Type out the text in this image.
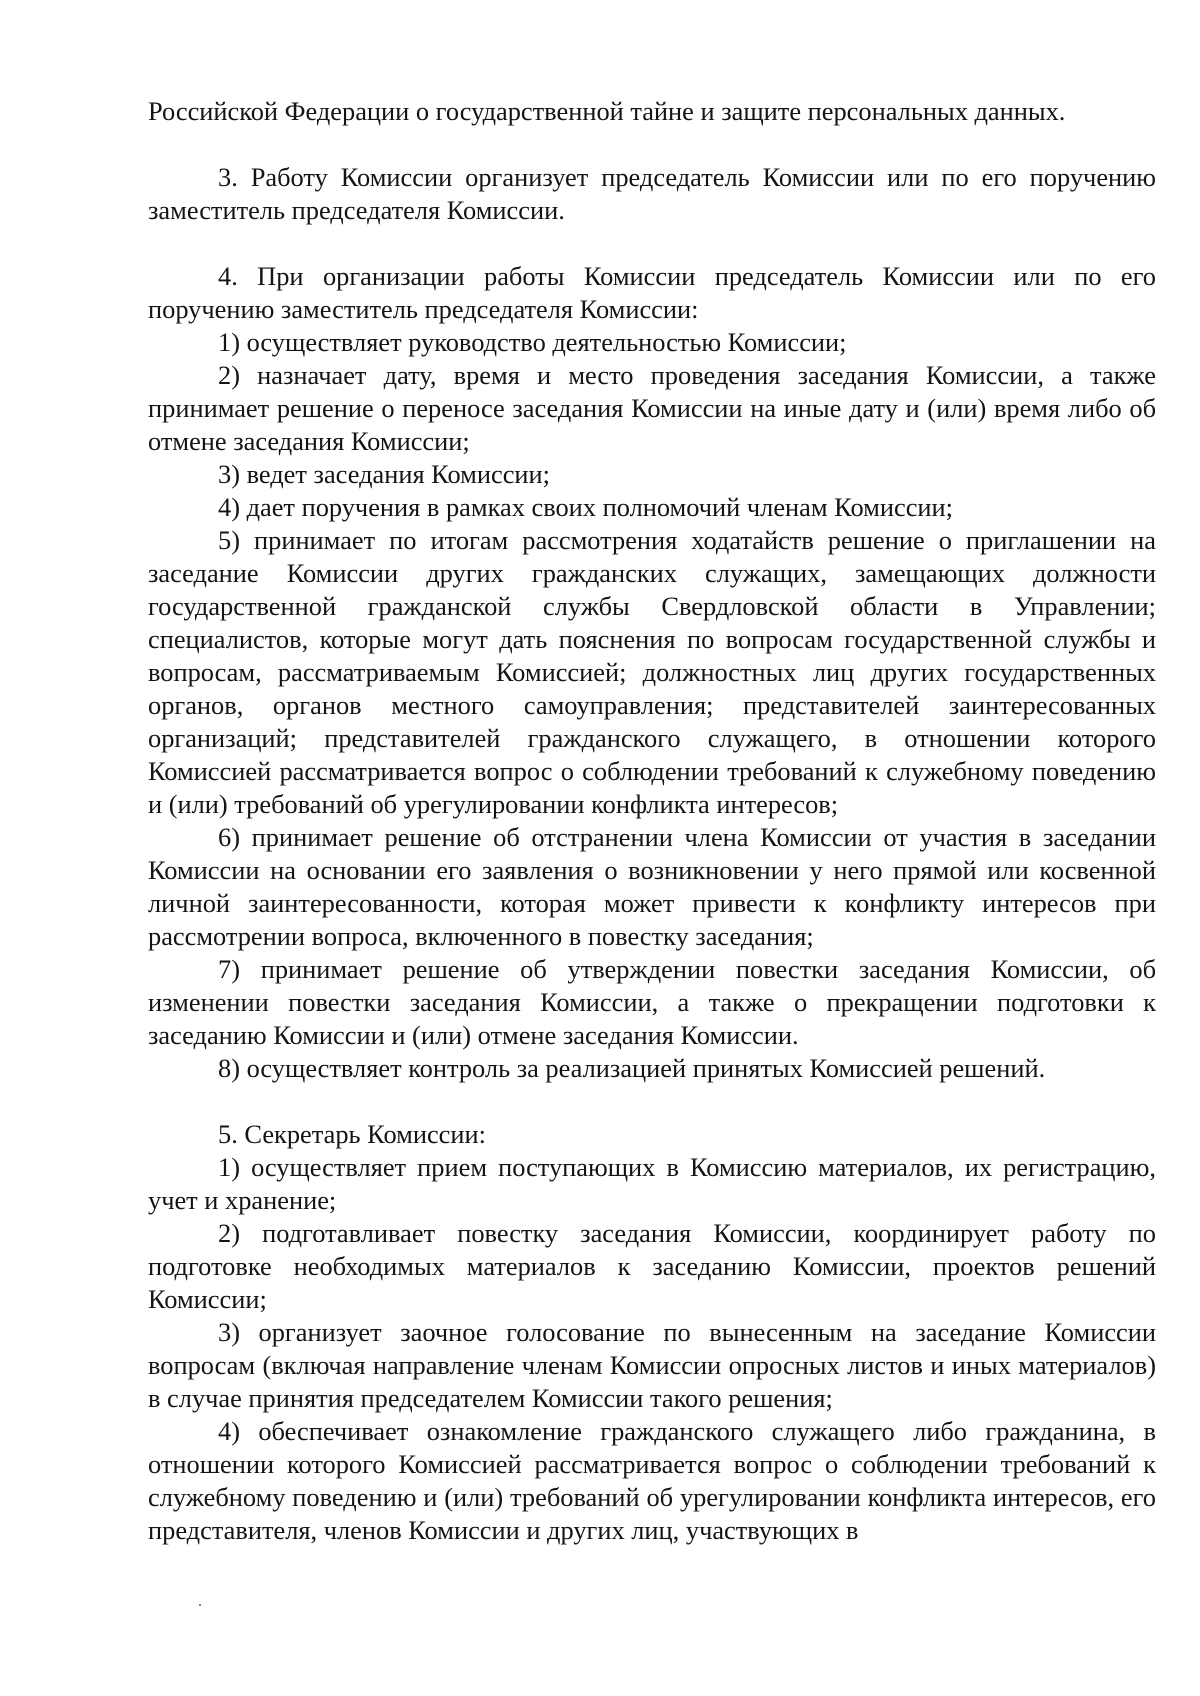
Российской Федерации о государственной тайне и защите персональных данных.

3. Работу Комиссии организует председатель Комиссии или по его поручению заместитель председателя Комиссии.

4. При организации работы Комиссии председатель Комиссии или по его поручению заместитель председателя Комиссии:

1) осуществляет руководство деятельностью Комиссии;

2) назначает дату, время и место проведения заседания Комиссии, а также принимает решение о переносе заседания Комиссии на иные дату и (или) время либо об отмене заседания Комиссии;

3) ведет заседания Комиссии;

4) дает поручения в рамках своих полномочий членам Комиссии;

5) принимает по итогам рассмотрения ходатайств решение о приглашении на заседание Комиссии других гражданских служащих, замещающих должности государственной гражданской службы Свердловской области в Управлении; специалистов, которые могут дать пояснения по вопросам государственной службы и вопросам, рассматриваемым Комиссией; должностных лиц других государственных органов, органов местного самоуправления; представителей заинтересованных организаций; представителей гражданского служащего, в отношении которого Комиссией рассматривается вопрос о соблюдении требований к служебному поведению и (или) требований об урегулировании конфликта интересов;

6) принимает решение об отстранении члена Комиссии от участия в заседании Комиссии на основании его заявления о возникновении у него прямой или косвенной личной заинтересованности, которая может привести к конфликту интересов при рассмотрении вопроса, включенного в повестку заседания;

7) принимает решение об утверждении повестки заседания Комиссии, об изменении повестки заседания Комиссии, а также о прекращении подготовки к заседанию Комиссии и (или) отмене заседания Комиссии.

8) осуществляет контроль за реализацией принятых Комиссией решений.

5. Секретарь Комиссии:

1) осуществляет прием поступающих в Комиссию материалов, их регистрацию, учет и хранение;

2) подготавливает повестку заседания Комиссии, координирует работу по подготовке необходимых материалов к заседанию Комиссии, проектов решений Комиссии;

3) организует заочное голосование по вынесенным на заседание Комиссии вопросам (включая направление членам Комиссии опросных листов и иных материалов) в случае принятия председателем Комиссии такого решения;

4) обеспечивает ознакомление гражданского служащего либо гражданина, в отношении которого Комиссией рассматривается вопрос о соблюдении требований к служебному поведению и (или) требований об урегулировании конфликта интересов, его представителя, членов Комиссии и других лиц, участвующих в
